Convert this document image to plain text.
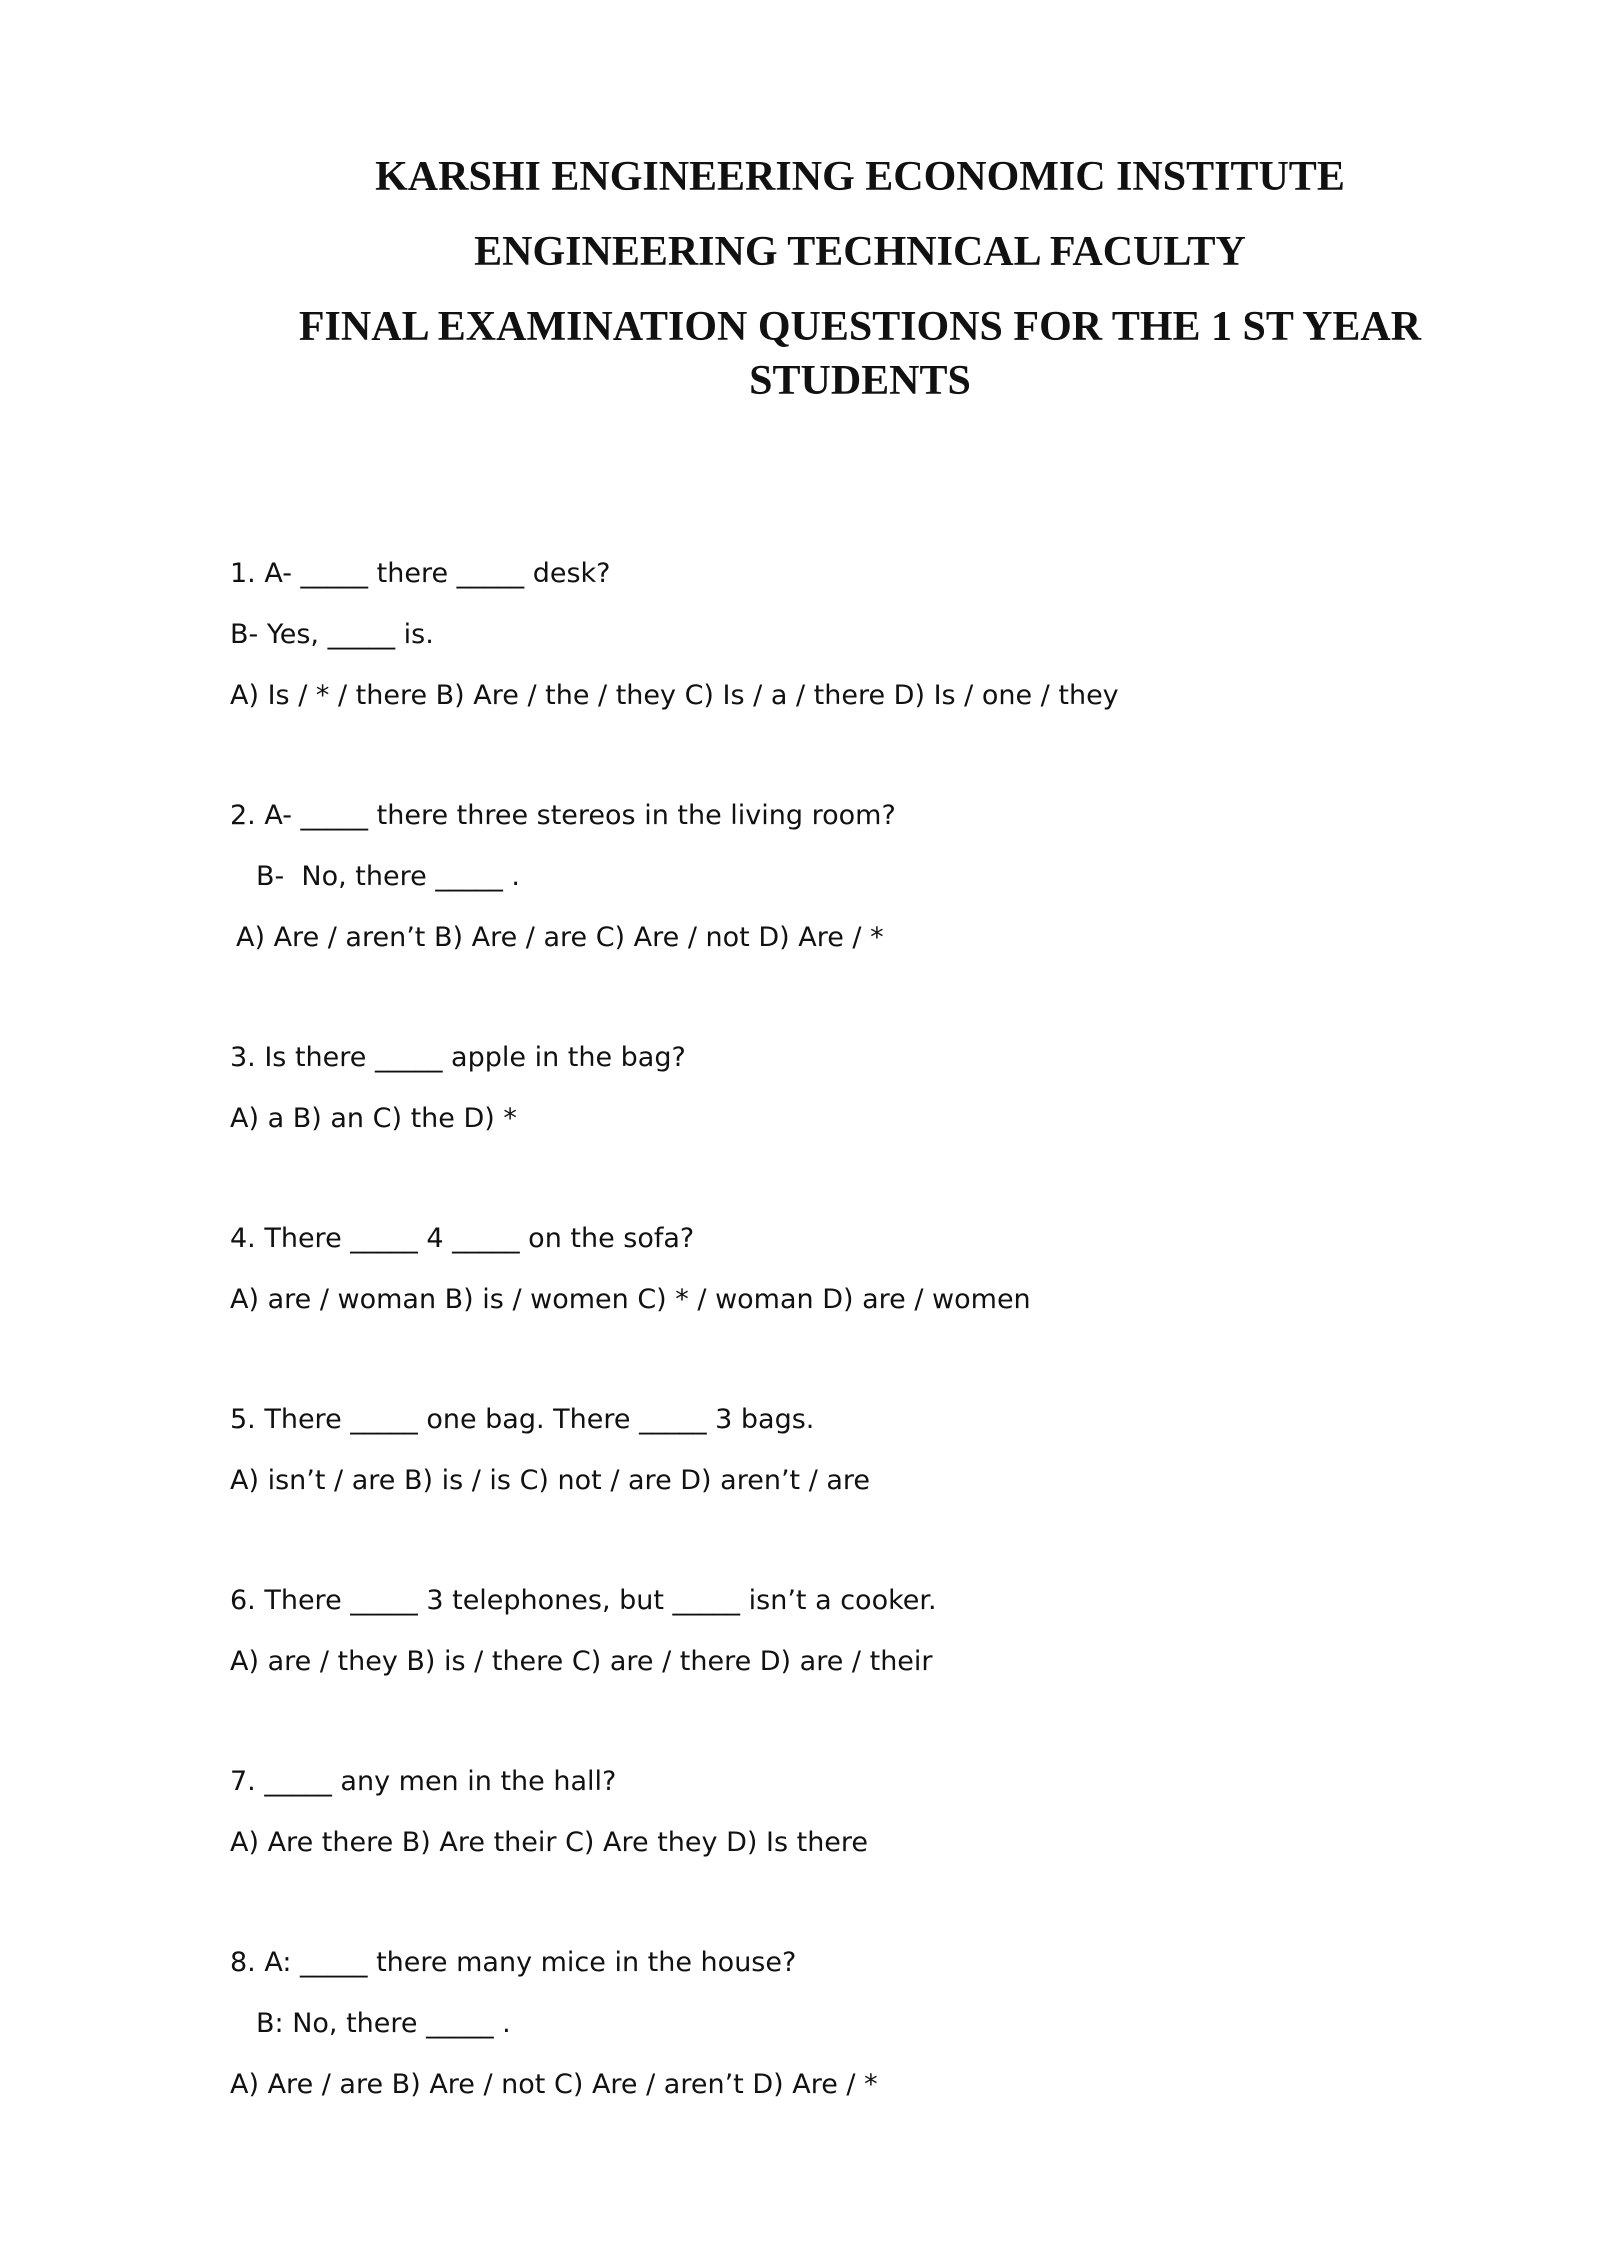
KARSHI ENGINEERING ECONOMIC INSTITUTE
ENGINEERING TECHNICAL FACULTY
FINAL EXAMINATION QUESTIONS FOR THE 1 ST YEAR
STUDENTS
1. A- _____ there _____ desk?
B- Yes, _____ is.
A) Is / * / there B) Are / the / they C) Is / a / there D) Is / one / they
2. A- _____ there three stereos in the living room?
B-  No, there _____ .
A) Are / aren’t B) Are / are C) Are / not D) Are / *
3. Is there _____ apple in the bag?
A) a B) an C) the D) *
4. There _____ 4 _____ on the sofa?
A) are / woman B) is / women C) * / woman D) are / women
5. There _____ one bag. There _____ 3 bags.
A) isn’t / are B) is / is C) not / are D) aren’t / are
6. There _____ 3 telephones, but _____ isn’t a cooker.
A) are / they B) is / there C) are / there D) are / their
7. _____ any men in the hall?
A) Are there B) Are their C) Are they D) Is there
8. A: _____ there many mice in the house?
B: No, there _____ .
A) Are / are B) Are / not C) Are / aren’t D) Are / *
